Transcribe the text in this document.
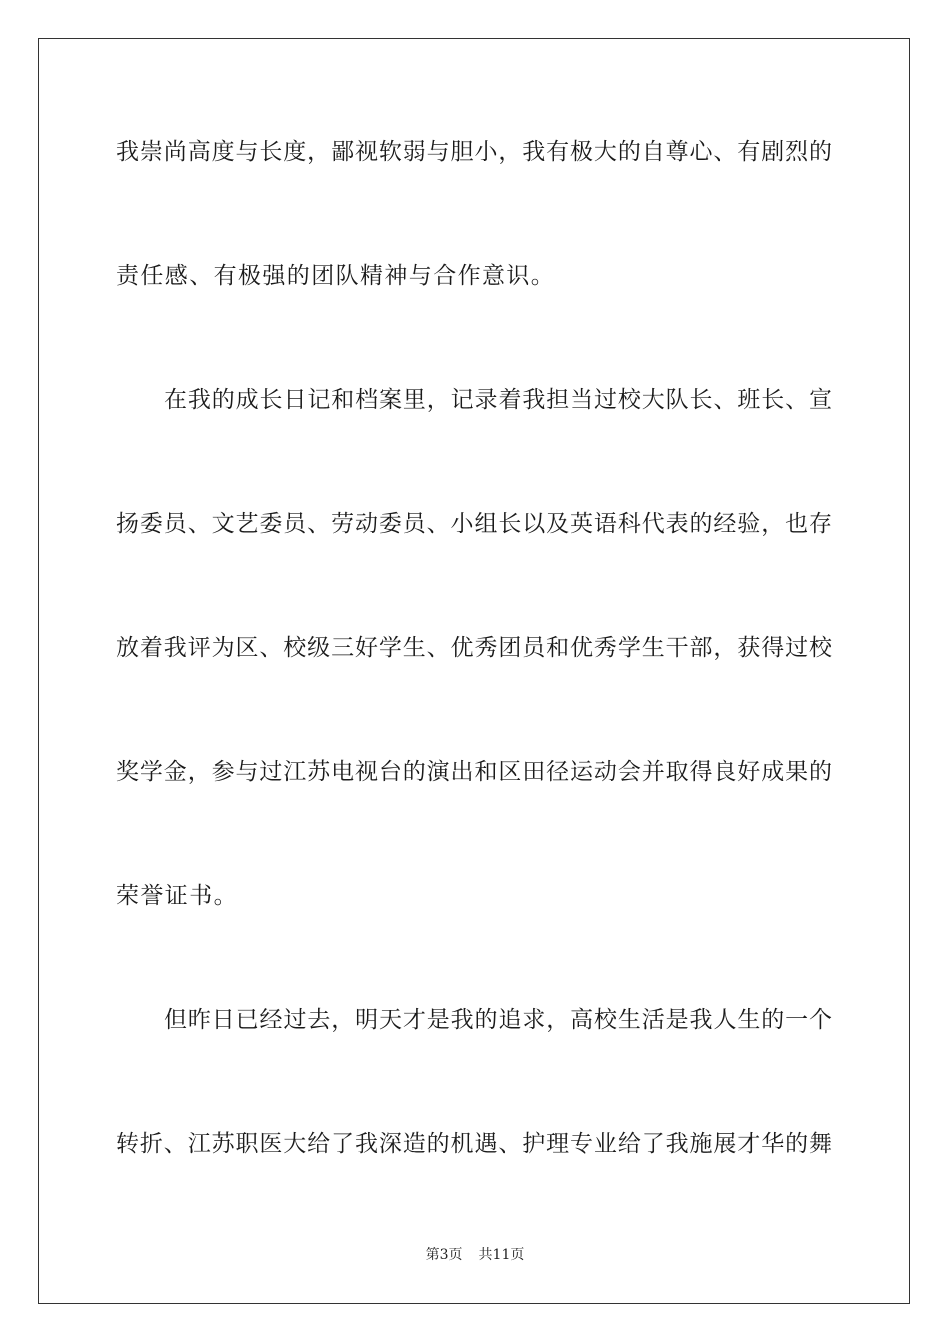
我崇尚高度与长度，鄙视软弱与胆小，我有极大的自尊心、有剧烈的
责任感、有极强的团队精神与合作意识。
在我的成长日记和档案里，记录着我担当过校大队长、班长、宣
扬委员、文艺委员、劳动委员、小组长以及英语科代表的经验，也存
放着我评为区、校级三好学生、优秀团员和优秀学生干部，获得过校
奖学金，参与过江苏电视台的演出和区田径运动会并取得良好成果的
荣誉证书。
但昨日已经过去，明天才是我的追求，高校生活是我人生的一个
转折、江苏职医大给了我深造的机遇、护理专业给了我施展才华的舞
第3页 共11页
